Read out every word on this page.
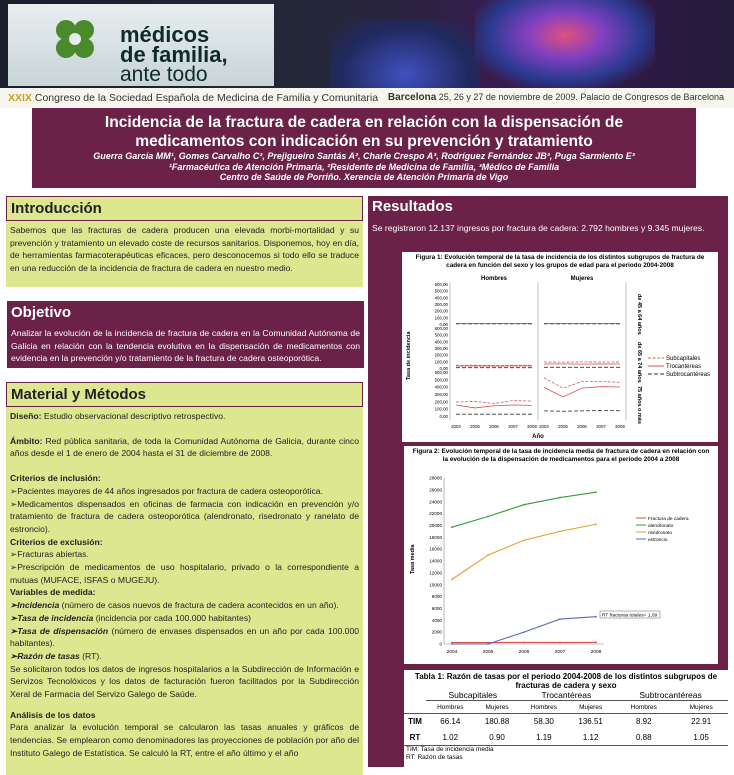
médicos
de familia,
ante todo
XXIX Congreso de la Sociedad Española de Medicina de Familia y Comunitaria Barcelona 25, 26 y 27 de noviembre de 2009. Palacio de Congresos de Barcelona
Incidencia de la fractura de cadera en relación con la dispensación de
medicamentos con indicación en su prevención y tratamiento
Guerra García MM¹, Gomes Carvalho C², Prejigueiro Santás A², Charle Crespo A³, Rodríguez Fernández JB³, Puga Sarmiento E³
¹Farmacéutica de Atención Primaria, ²Residente de Medicina de Familia, ³Médico de Familia
Centro de Saúde de Porriño. Xerencia de Atención Primaria de Vigo
Introducción
Sabemos que las fracturas de cadera producen una elevada morbi-mortalidad y su prevención y tratamiento un elevado coste de recursos sanitarios. Disponemos, hoy en día, de herramientas farmacoterapéuticas eficaces, pero desconocemos si todo ello se traduce en una reducción de la incidencia de fractura de cadera en nuestro medio.
Objetivo
Analizar la evolución de la incidencia de fractura de cadera en la Comunidad Autónoma de Galicia en relación con la tendencia evolutiva en la dispensación de medicamentos con evidencia en la prevención y/o tratamiento de la fractura de cadera osteoporótica.
Material y Métodos
Diseño: Estudio observacional descriptivo retrospectivo.
Ámbito: Red pública sanitaria, de toda la Comunidad Autónoma de Galicia, durante cinco años desde el 1 de enero de 2004 hasta el 31 de diciembre de 2008.
Criterios de inclusión:
➢Pacientes mayores de 44 años ingresados por fractura de cadera osteoporótica.
➢Medicamentos dispensados en oficinas de farmacia con indicación en prevención y/o tratamiento de fractura de cadera osteoporótica (alendronato, risedronato y ranelato de estroncio).
Criterios de exclusión:
➢Fracturas abiertas.
➢Prescripción de medicamentos de uso hospitalario, privado o la correspondiente a mutuas (MUFACE, ISFAS o MUGEJU).
Variables de medida:
➢Incidencia (número de casos nuevos de fractura de cadera acontecidos en un año).
➢Tasa de incidencia (incidencia por cada 100.000 habitantes)
➢Tasa de dispensación (número de envases dispensados en un año por cada 100.000 habitantes).
➢Razón de tasas (RT).
Se solicitaron todos los datos de ingresos hospitalarios a la Subdirección de Información e Servizos Tecnolóxicos y los datos de facturación fueron facilitados por la Subdirección Xeral de Farmacia del Servizo Galego de Saúde.
Análisis de los datos
Para analizar la evolución temporal se calcularon las tasas anuales y gráficos de tendencias. Se emplearon como denominadores las proyecciones de población por año del Instituto Galego de Estatística. Se calculó la RT, entre el año último y el año
Resultados
Se registraron 12.137 ingresos por fractura de cadera: 2.792 hombres y 9.345 mujeres.
Figura 1: Evolución temporal de la tasa de incidencia de los distintos subgrupos de fractura de cadera en función del sexo y los grupos de edad para el periodo 2004-2008
600,00
500,00
400,00
300,00
200,00
100,00
0,00
600,00
500,00
400,00
300,00
200,00
100,00
0,00
600,00
500,00
400,00
300,00
200,00
100,00
0,00
Hombres	Mujeres
de 45 a 64 años
de 65 a 74 años
75 años o más
Tasa de incidencia
Año
2004 2005 2006 2007 2008 2004 2005 2006 2007 2008
Subcapitales
Trocantéreas
Subtrocantéreas
Figura 2: Evolución temporal de la tasa de incidencia media de fractura de cadera en relación con la evolución de la dispensación de medicamentos para el periodo 2004 a 2008
Tasa media
28000
26000
24000
22000
20000
18000
16000
14000
12000
10000
8000
6000
4000
2000
0
2004	2005	2006	2007	2008
RT fracturas totales= 1,09
Fractura de cadera
alendronato
risedronato
estroncio
Tabla 1: Razón de tasas por el periodo 2004-2008 de los distintos subgrupos de fracturas de cadera y sexo
	Subcapitales		Trocantéreas		Subtrocantéreas	
	Hombres	Mujeres	Hombres	Mujeres	Hombres	Mujeres
TIM	66.14	180.88	58.30	136.51	8.92	22.91
RT	1.02	0.90	1.19	1.12	0.88	1.05
TIM: Tasa de incidencia media
RT: Razón de tasas
